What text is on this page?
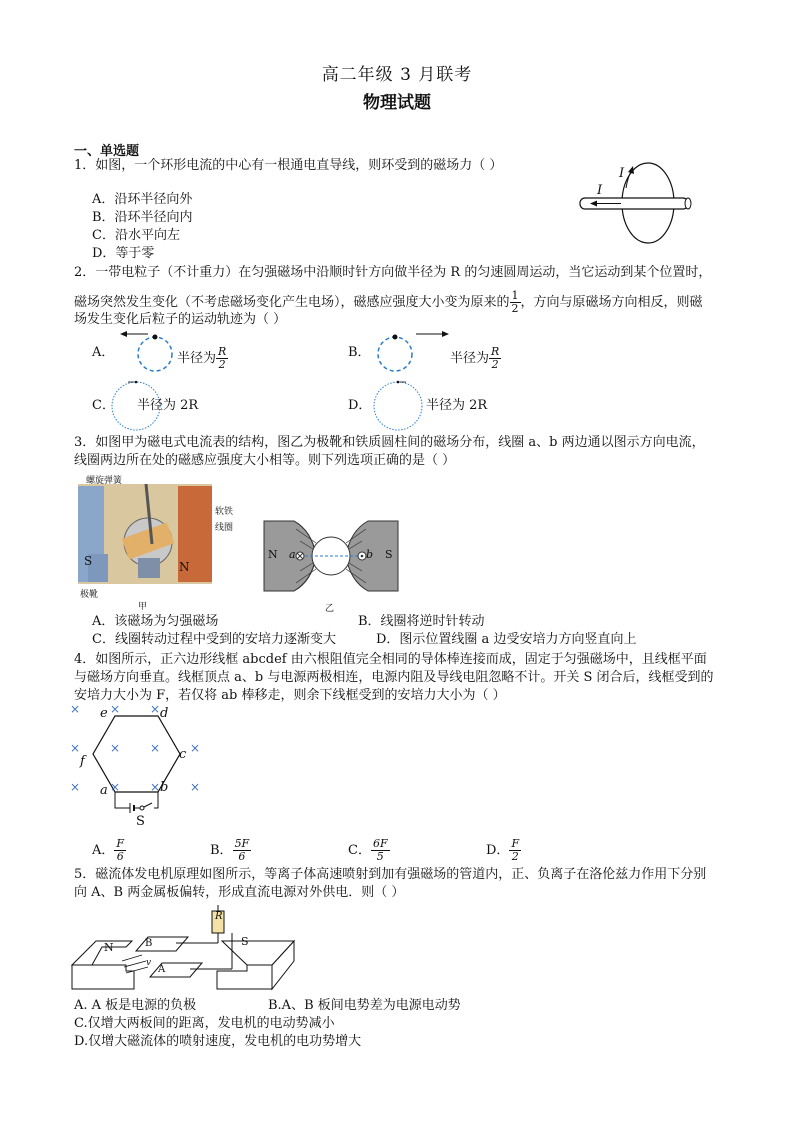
高二年级 3 月联考
物理试题
一、单选题
1．如图，一个环形电流的中心有一根通电直导线，则环受到的磁场力（ ）
A．沿环半径向外
B．沿环半径向内
C．沿水平向左
D．等于零
I
I
2．一带电粒子（不计重力）在匀强磁场中沿顺时针方向做半径为 R 的匀速圆周运动，当它运动到某个位置时，
磁场突然发生变化（不考虑磁场变化产生电场），磁感应强度大小变为原来的 $\frac{1}{2}$ ，方向与原磁场方向相反，则磁
场发生变化后粒子的运动轨迹为（ ）
A．	半径为 $\frac{R}{2}$	B．	半径为 $\frac{R}{2}$
C． 半径为 2R	D．	半径为 2R
3．如图甲为磁电式电流表的结构，图乙为极靴和铁质圆柱间的磁场分布，线圈 a、b 两边通以图示方向电流，
线圈两边所在处的磁感应强度大小相等。则下列选项正确的是（ ）
螺旋弹簧
软铁
线圈
极靴
S	N
甲
N	S
a	b
乙
A．该磁场为匀强磁场	B．线圈将逆时针转动
C．线圈转动过程中受到的安培力逐渐变大	D．图示位置线圈 a 边受安培力方向竖直向上
4．如图所示，正六边形线框 abcdef 由六根阻值完全相同的导体棒连接而成，固定于匀强磁场中，且线框平面
与磁场方向垂直。线框顶点 a、b 与电源两极相连，电源内阻及导线电阻忽略不计。开关 S 闭合后，线框受到的
安培力大小为 F，若仅将 ab 棒移走，则余下线框受到的安培力大小为（ ）
× × ×
× × × ×
× × × ×
e	d
f	c
a	b
S
A． $\frac{F}{6}$	B． $\frac{5F}{6}$	C． $\frac{6F}{5}$	D． $\frac{F}{2}$
5．磁流体发电机原理如图所示，等离子体高速喷射到加有强磁场的管道内，正、负离子在洛伦兹力作用下分别
向 A、B 两金属板偏转，形成直流电源对外供电．则（ ）
N	S
R
B
A
v
A. A 板是电源的负极	B.A、B 板间电势差为电源电动势
C.仅增大两板间的距离，发电机的电动势减小
D.仅增大磁流体的喷射速度，发电机的电功势增大
